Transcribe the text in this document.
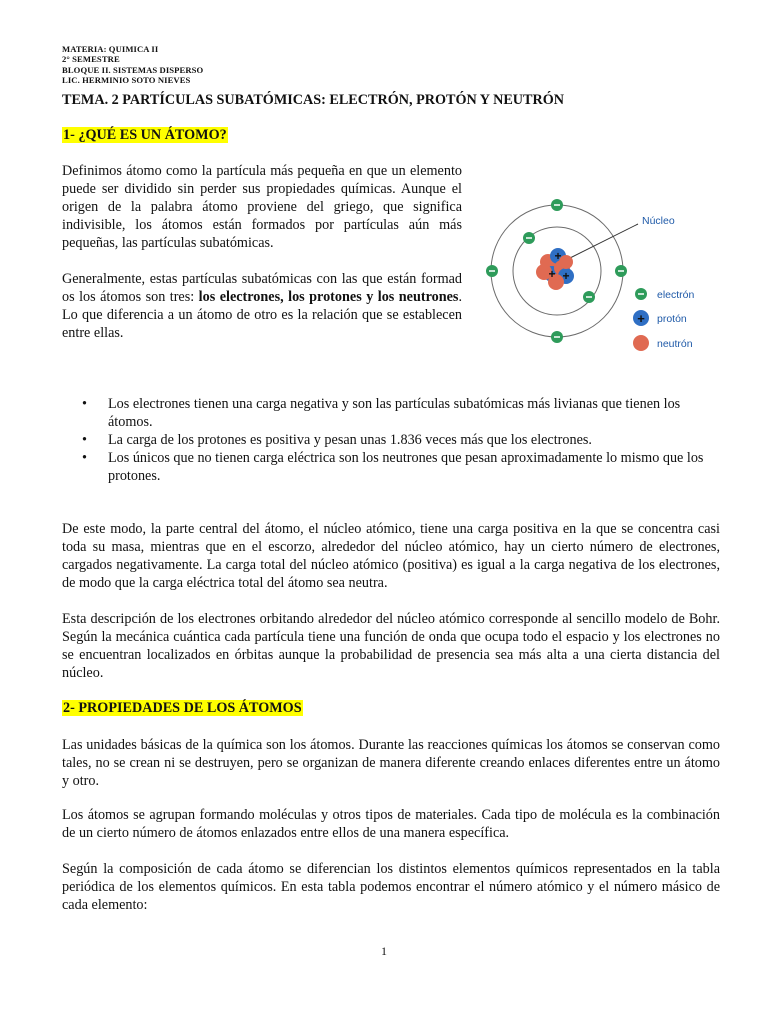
MATERIA: QUIMICA II
2° SEMESTRE
BLOQUE II. SISTEMAS DISPERSO
LIC. HERMINIO SOTO NIEVES
TEMA. 2 PARTÍCULAS SUBATÓMICAS: ELECTRÓN, PROTÓN Y NEUTRÓN
1- ¿QUÉ ES UN ÁTOMO?
Definimos átomo como la partícula más pequeña en que un elemento puede ser dividido sin perder sus propiedades químicas. Aunque el origen de la palabra átomo proviene del griego, que significa indivisible, los átomos están formados por partículas aún más pequeñas, las partículas subatómicas.
Generalmente, estas partículas subatómicas con las que están formad os los átomos son tres: los electrones, los protones y los neutrones. Lo que diferencia a un átomo de otro es la relación que se establecen entre ellas.
+
+ +
Núcleo
electrón
+ protón
neutrón
• Los electrones tienen una carga negativa y son las partículas subatómicas más livianas que tienen los átomos.
• La carga de los protones es positiva y pesan unas 1.836 veces más que los electrones.
• Los únicos que no tienen carga eléctrica son los neutrones que pesan aproximadamente lo mismo que los protones.
De este modo, la parte central del átomo, el núcleo atómico, tiene una carga positiva en la que se concentra casi toda su masa, mientras que en el escorzo, alrededor del núcleo atómico, hay un cierto número de electrones, cargados negativamente. La carga total del núcleo atómico (positiva) es igual a la carga negativa de los electrones, de modo que la carga eléctrica total del átomo sea neutra.
Esta descripción de los electrones orbitando alrededor del núcleo atómico corresponde al sencillo modelo de Bohr. Según la mecánica cuántica cada partícula tiene una función de onda que ocupa todo el espacio y los electrones no se encuentran localizados en órbitas aunque la probabilidad de presencia sea más alta a una cierta distancia del núcleo.
2- PROPIEDADES DE LOS ÁTOMOS
Las unidades básicas de la química son los átomos. Durante las reacciones químicas los átomos se conservan como tales, no se crean ni se destruyen, pero se organizan de manera diferente creando enlaces diferentes entre un átomo y otro.
Los átomos se agrupan formando moléculas y otros tipos de materiales. Cada tipo de molécula es la combinación de un cierto número de átomos enlazados entre ellos de una manera específica.
Según la composición de cada átomo se diferencian los distintos elementos químicos representados en la tabla periódica de los elementos químicos. En esta tabla podemos encontrar el número atómico y el número másico de cada elemento:
1
